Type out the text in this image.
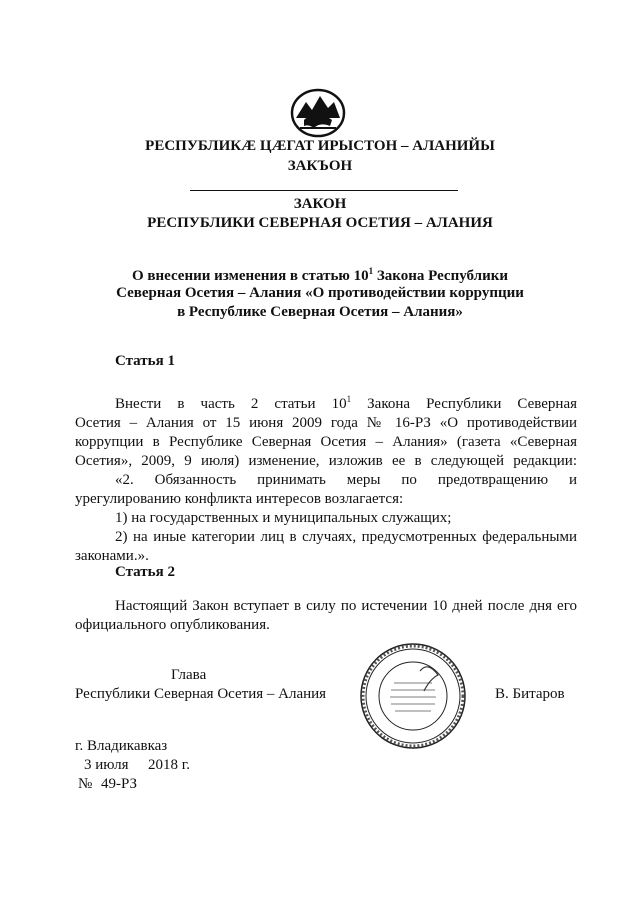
РЕСПУБЛИКӔ ЦӔГАТ ИРЫСТОН – АЛАНИЙЫ
ЗАКЪОН
ЗАКОН
РЕСПУБЛИКИ СЕВЕРНАЯ ОСЕТИЯ – АЛАНИЯ
О внесении изменения в статью $10^1$ Закона Республики
Северная Осетия – Алания «О противодействии коррупции
в Республике Северная Осетия – Алания»
Статья 1

Внести в часть 2 статьи $10^1$ Закона Республики Северная

Осетия – Алания от 15 июня 2009 года № 16-РЗ «О противодействии

коррупции в Республике Северная Осетия – Алания» (газета «Северная

Осетия», 2009, 9 июля) изменение, изложив ее в следующей редакции:

«2. Обязанность принимать меры по предотвращению и

урегулированию конфликта интересов возлагается:

1) на государственных и муниципальных служащих;

2) на иные категории лиц в случаях, предусмотренных федеральными

законами.».

Статья 2

Настоящий Закон вступает в силу по истечении 10 дней после дня его

официального опубликования.

Глава
Республики Северная Осетия – Алания	В. Битаров
г. Владикавказ
3 июля 2018 г.
№ 49-РЗ
